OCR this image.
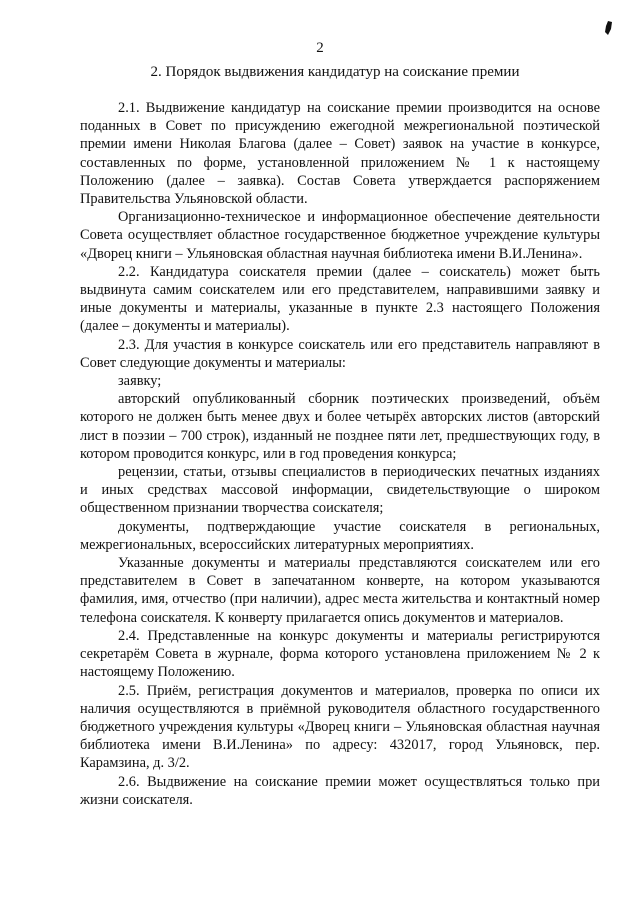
2
2. Порядок выдвижения кандидатур на соискание премии

2.1. Выдвижение кандидатур на соискание премии производится на основе поданных в Совет по присуждению ежегодной межрегиональной поэтической премии имени Николая Благова (далее – Совет) заявок на участие в конкурсе, составленных по форме, установленной приложением № 1 к настоящему Положению (далее – заявка). Состав Совета утверждается распоряжением Правительства Ульяновской области.

Организационно-техническое и информационное обеспечение деятельности Совета осуществляет областное государственное бюджетное учреждение культуры «Дворец книги – Ульяновская областная научная библиотека имени В.И.Ленина».

2.2. Кандидатура соискателя премии (далее – соискатель) может быть выдвинута самим соискателем или его представителем, направившими заявку и иные документы и материалы, указанные в пункте 2.3 настоящего Положения (далее – документы и материалы).

2.3. Для участия в конкурсе соискатель или его представитель направляют в Совет следующие документы и материалы:

заявку;

авторский опубликованный сборник поэтических произведений, объём которого не должен быть менее двух и более четырёх авторских листов (авторский лист в поэзии – 700 строк), изданный не позднее пяти лет, предшествующих году, в котором проводится конкурс, или в год проведения конкурса;

рецензии, статьи, отзывы специалистов в периодических печатных изданиях и иных средствах массовой информации, свидетельствующие о широком общественном признании творчества соискателя;

документы, подтверждающие участие соискателя в региональных, межрегиональных, всероссийских литературных мероприятиях.

Указанные документы и материалы представляются соискателем или его представителем в Совет в запечатанном конверте, на котором указываются фамилия, имя, отчество (при наличии), адрес места жительства и контактный номер телефона соискателя. К конверту прилагается опись документов и материалов.

2.4. Представленные на конкурс документы и материалы регистрируются секретарём Совета в журнале, форма которого установлена приложением № 2 к настоящему Положению.

2.5. Приём, регистрация документов и материалов, проверка по описи их наличия осуществляются в приёмной руководителя областного государственного бюджетного учреждения культуры «Дворец книги – Ульяновская областная научная библиотека имени В.И.Ленина» по адресу: 432017, город Ульяновск, пер. Карамзина, д. 3/2.

2.6. Выдвижение на соискание премии может осуществляться только при жизни соискателя.
